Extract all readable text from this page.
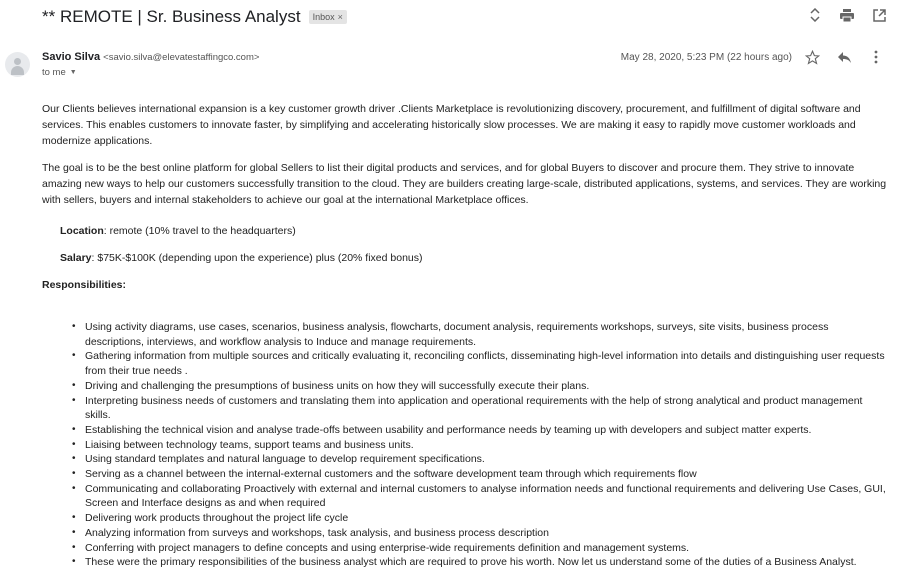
** REMOTE | Sr. Business Analyst Inbox ×
Savio Silva <savio.silva@elevatestaffingco.com>
to me ▼
May 28, 2020, 5:23 PM (22 hours ago)

Our Clients believes international expansion is a key customer growth driver .Clients Marketplace is revolutionizing discovery, procurement, and fulfillment of digital software and services. This enables customers to innovate faster, by simplifying and accelerating historically slow processes. We are making it easy to rapidly move customer workloads and modernize applications.

The goal is to be the best online platform for global Sellers to list their digital products and services, and for global Buyers to discover and procure them. They strive to innovate amazing new ways to help our customers successfully transition to the cloud. They are builders creating large-scale, distributed applications, systems, and services. They are working with sellers, buyers and internal stakeholders to achieve our goal at the international Marketplace offices.

Location: remote (10% travel to the headquarters)

Salary: $75K-$100K (depending upon the experience) plus (20% fixed bonus)

Responsibilities:

• Using activity diagrams, use cases, scenarios, business analysis, flowcharts, document analysis, requirements workshops, surveys, site visits, business process descriptions, interviews, and workflow analysis to Induce and manage requirements.
• Gathering information from multiple sources and critically evaluating it, reconciling conflicts, disseminating high-level information into details and distinguishing user requests from their true needs .
• Driving and challenging the presumptions of business units on how they will successfully execute their plans.
• Interpreting business needs of customers and translating them into application and operational requirements with the help of strong analytical and product management skills.
• Establishing the technical vision and analyse trade-offs between usability and performance needs by teaming up with developers and subject matter experts.
• Liaising between technology teams, support teams and business units.
• Using standard templates and natural language to develop requirement specifications.
• Serving as a channel between the internal-external customers and the software development team through which requirements flow
• Communicating and collaborating Proactively with external and internal customers to analyse information needs and functional requirements and delivering Use Cases, GUI, Screen and Interface designs as and when required
• Delivering work products throughout the project life cycle
• Analyzing information from surveys and workshops, task analysis, and business process description
• Conferring with project managers to define concepts and using enterprise-wide requirements definition and management systems.
• These were the primary responsibilities of the business analyst which are required to prove his worth. Now let us understand some of the duties of a Business Analyst.
